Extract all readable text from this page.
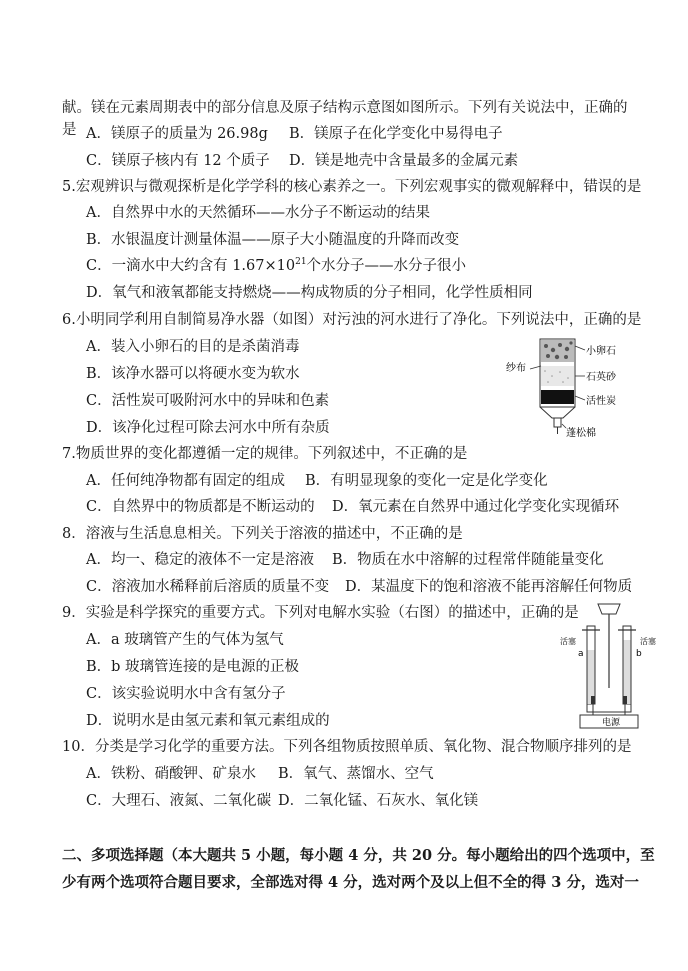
献。镁在元素周期表中的部分信息及原子结构示意图如图所示。下列有关说法中，正确的
是 A．镁原子的质量为 26.98g B．镁原子在化学变化中易得电子
C．镁原子核内有 12 个质子 D．镁是地壳中含量最多的金属元素
5.宏观辨识与微观探析是化学学科的核心素养之一。下列宏观事实的微观解释中，错误的是
A．自然界中水的天然循环——水分子不断运动的结果
B．水银温度计测量体温——原子大小随温度的升降而改变
C．一滴水中大约含有 $1.67\times 10^{21}$个水分子——水分子很小
D．氧气和液氧都能支持燃烧——构成物质的分子相同，化学性质相同
6.小明同学利用自制简易净水器（如图）对污浊的河水进行了净化。下列说法中，正确的是
A．装入小卵石的目的是杀菌消毒
B．该净水器可以将硬水变为软水
C．活性炭可吸附河水中的异味和色素
D．该净化过程可除去河水中所有杂质
7.物质世界的变化都遵循一定的规律。下列叙述中，不正确的是
A．任何纯净物都有固定的组成 B．有明显现象的变化一定是化学变化
C．自然界中的物质都是不断运动的 D．氧元素在自然界中通过化学变化实现循环
8．溶液与生活息息相关。下列关于溶液的描述中，不正确的是
A．均一、稳定的液体不一定是溶液 B．物质在水中溶解的过程常伴随能量变化
C．溶液加水稀释前后溶质的质量不变 D．某温度下的饱和溶液不能再溶解任何物质
9．实验是科学探究的重要方式。下列对电解水实验（右图）的描述中，正确的是
A．a 玻璃管产生的气体为氢气
B．b 玻璃管连接的是电源的正极
C．该实验说明水中含有氢分子
D．说明水是由氢元素和氧元素组成的
10．分类是学习化学的重要方法。下列各组物质按照单质、氧化物、混合物顺序排列的是
A．铁粉、硝酸钾、矿泉水 B．氧气、蒸馏水、空气
C．大理石、液氮、二氧化碳 D．二氧化锰、石灰水、氧化镁
二、多项选择题（本大题共 5 小题，每小题 4 分，共 20 分。每小题给出的四个选项中，至
少有两个选项符合题目要求，全部选对得 4 分，选对两个及以上但不全的得 3 分，选对一
纱布
小卵石
石英砂
活性炭
蓬松棉
电源
活塞	活塞
a	b
